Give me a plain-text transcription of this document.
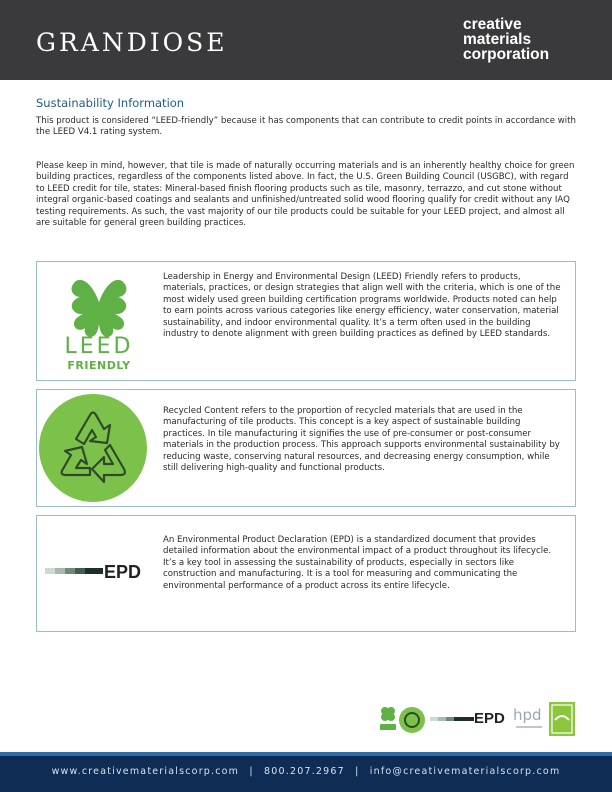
GRANDIOSE
creative
materials
corporation
Sustainability Information
This product is considered “LEED-friendly” because it has components that can contribute to credit points in accordance with the LEED V4.1 rating system.
Please keep in mind, however, that tile is made of naturally occurring materials and is an inherently healthy choice for green building practices, regardless of the components listed above. In fact, the U.S. Green Building Council (USGBC), with regard to LEED credit for tile, states: Mineral-based finish flooring products such as tile, masonry, terrazzo, and cut stone without integral organic-based coatings and sealants and unfinished/untreated solid wood flooring qualify for credit without any IAQ testing requirements. As such, the vast majority of our tile products could be suitable for your LEED project, and almost all are suitable for general green building practices.
LEED
FRIENDLY
Leadership in Energy and Environmental Design (LEED) Friendly refers to products, materials, practices, or design strategies that align well with the criteria, which is one of the most widely used green building certification programs worldwide. Products noted can help to earn points across various categories like energy efficiency, water conservation, material sustainability, and indoor environmental quality. It’s a term often used in the building industry to denote alignment with green building practices as defined by LEED standards.
Recycled Content refers to the proportion of recycled materials that are used in the manufacturing of tile products. This concept is a key aspect of sustainable building practices. In tile manufacturing it signifies the use of pre-consumer or post-consumer materials in the production process. This approach supports environmental sustainability by reducing waste, conserving natural resources, and decreasing energy consumption, while still delivering high-quality and functional products.
EPD
An Environmental Product Declaration (EPD) is a standardized document that provides detailed information about the environmental impact of a product throughout its lifecycle. It’s a key tool in assessing the sustainability of products, especially in sectors like construction and manufacturing. It is a tool for measuring and communicating the environmental performance of a product across its entire lifecycle.
EPD hpd
www.creativematerialscorp.com | 800.207.2967 | info@creativematerialscorp.com
